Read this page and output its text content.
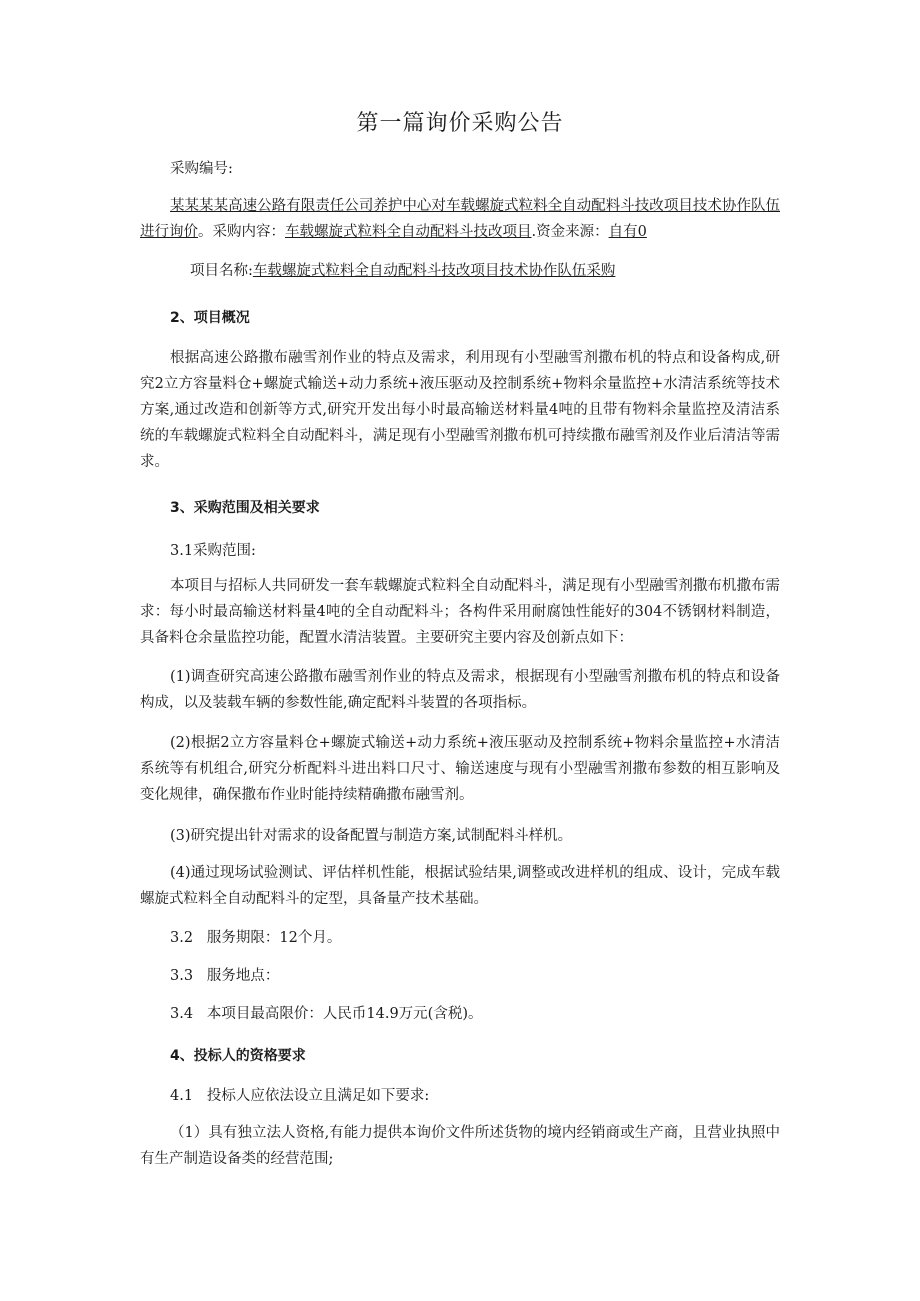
第一篇询价采购公告
采购编号:

某某某某高速公路有限责任公司养护中心对车载螺旋式粒料全自动配料斗技改项目技术协作队伍进行询价。采购内容：车载螺旋式粒料全自动配料斗技改项目.资金来源：自有0

项目名称:车载螺旋式粒料全自动配料斗技改项目技术协作队伍采购
2、项目概况

根据高速公路撒布融雪剂作业的特点及需求，利用现有小型融雪剂撒布机的特点和设备构成,研究2立方容量料仓+螺旋式输送+动力系统+液压驱动及控制系统+物料余量监控+水清洁系统等技术方案,通过改造和创新等方式,研究开发出每小时最高输送材料量4吨的且带有物料余量监控及清洁系统的车载螺旋式粒料全自动配料斗，满足现有小型融雪剂撒布机可持续撒布融雪剂及作业后清洁等需求。

3、采购范围及相关要求
3.1采购范围:

本项目与招标人共同研发一套车载螺旋式粒料全自动配料斗，满足现有小型融雪剂撒布机撒布需求：每小时最高输送材料量4吨的全自动配料斗；各构件采用耐腐蚀性能好的304不锈钢材料制造，具备料仓余量监控功能，配置水清洁装置。主要研究主要内容及创新点如下：

(1)调查研究高速公路撒布融雪剂作业的特点及需求，根据现有小型融雪剂撒布机的特点和设备构成，以及装载车辆的参数性能,确定配料斗装置的各项指标。

(2)根据2立方容量料仓+螺旋式输送+动力系统+液压驱动及控制系统+物料余量监控+水清洁系统等有机组合,研究分析配料斗进出料口尺寸、输送速度与现有小型融雪剂撒布参数的相互影响及变化规律，确保撒布作业时能持续精确撒布融雪剂。

(3)研究提出针对需求的设备配置与制造方案,试制配料斗样机。

(4)通过现场试验测试、评估样机性能，根据试验结果,调整或改进样机的组成、设计，完成车载螺旋式粒料全自动配料斗的定型，具备量产技术基础。

3.2   服务期限：12个月。
3.3   服务地点：
3.4   本项目最高限价：人民币14.9万元(含税)。
4、投标人的资格要求
4.1   投标人应依法设立且满足如下要求:

（1）具有独立法人资格,有能力提供本询价文件所述货物的境内经销商或生产商，且营业执照中有生产制造设备类的经营范围;
